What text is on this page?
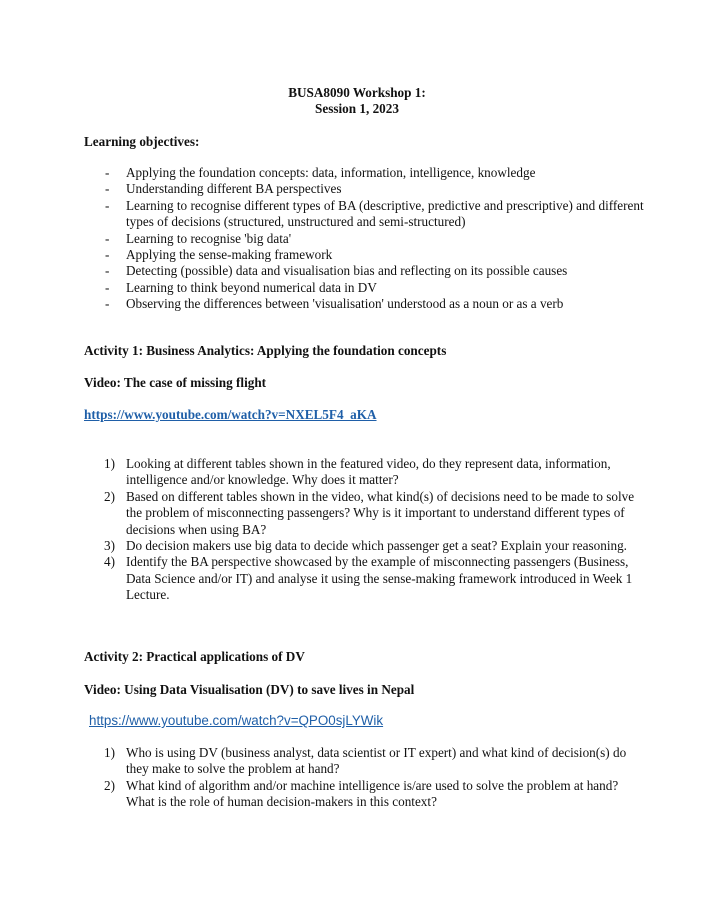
BUSA8090 Workshop 1:
Session 1, 2023
Learning objectives:
- Applying the foundation concepts: data, information, intelligence, knowledge
- Understanding different BA perspectives
- Learning to recognise different types of BA (descriptive, predictive and prescriptive) and different types of decisions (structured, unstructured and semi-structured)
- Learning to recognise 'big data'
- Applying the sense-making framework
- Detecting (possible) data and visualisation bias and reflecting on its possible causes
- Learning to think beyond numerical data in DV
- Observing the differences between 'visualisation' understood as a noun or as a verb
Activity 1: Business Analytics: Applying the foundation concepts
Video: The case of missing flight
https://www.youtube.com/watch?v=NXEL5F4_aKA
1) Looking at different tables shown in the featured video, do they represent data, information, intelligence and/or knowledge. Why does it matter?
2) Based on different tables shown in the video, what kind(s) of decisions need to be made to solve the problem of misconnecting passengers? Why is it important to understand different types of decisions when using BA?
3) Do decision makers use big data to decide which passenger get a seat? Explain your reasoning.
4) Identify the BA perspective showcased by the example of misconnecting passengers (Business, Data Science and/or IT) and analyse it using the sense-making framework introduced in Week 1 Lecture.
Activity 2: Practical applications of DV
Video: Using Data Visualisation (DV) to save lives in Nepal
https://www.youtube.com/watch?v=QPO0sjLYWik
1) Who is using DV (business analyst, data scientist or IT expert) and what kind of decision(s) do they make to solve the problem at hand?
2) What kind of algorithm and/or machine intelligence is/are used to solve the problem at hand? What is the role of human decision-makers in this context?
